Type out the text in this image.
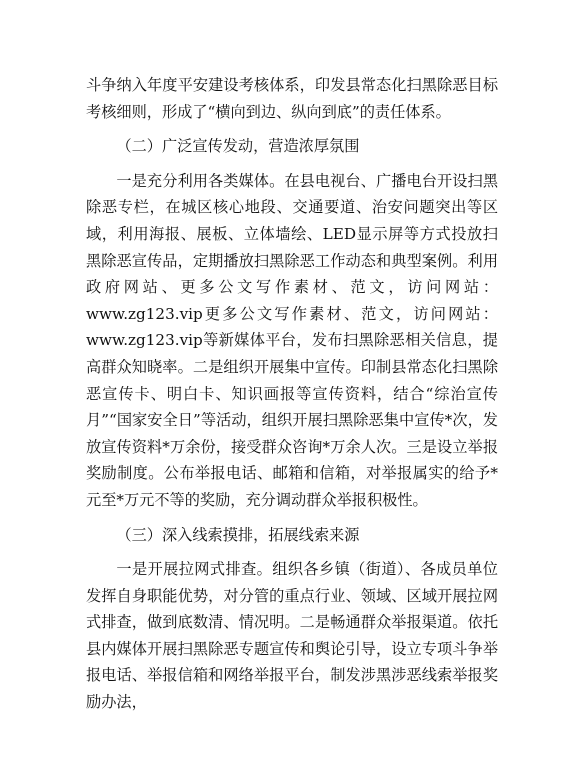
斗争纳入年度平安建设考核体系，印发县常态化扫黑除恶目标考核细则，形成了“横向到边、纵向到底”的责任体系。

（二）广泛宣传发动，营造浓厚氛围

一是充分利用各类媒体。在县电视台、广播电台开设扫黑除恶专栏，在城区核心地段、交通要道、治安问题突出等区域，利用海报、展板、立体墙绘、LED显示屏等方式投放扫黑除恶宣传品，定期播放扫黑除恶工作动态和典型案例。利用政府网站、更多公文写作素材、范文，访问网站：www.zg123.vip更多公文写作素材、范文，访问网站：www.zg123.vip等新媒体平台，发布扫黑除恶相关信息，提高群众知晓率。二是组织开展集中宣传。印制县常态化扫黑除恶宣传卡、明白卡、知识画报等宣传资料，结合“综治宣传月”“国家安全日”等活动，组织开展扫黑除恶集中宣传*次，发放宣传资料*万余份，接受群众咨询*万余人次。三是设立举报奖励制度。公布举报电话、邮箱和信箱，对举报属实的给予*元至*万元不等的奖励，充分调动群众举报积极性。

（三）深入线索摸排，拓展线索来源

一是开展拉网式排查。组织各乡镇（街道）、各成员单位发挥自身职能优势，对分管的重点行业、领域、区域开展拉网式排查，做到底数清、情况明。二是畅通群众举报渠道。依托县内媒体开展扫黑除恶专题宣传和舆论引导，设立专项斗争举报电话、举报信箱和网络举报平台，制发涉黑涉恶线索举报奖励办法，
